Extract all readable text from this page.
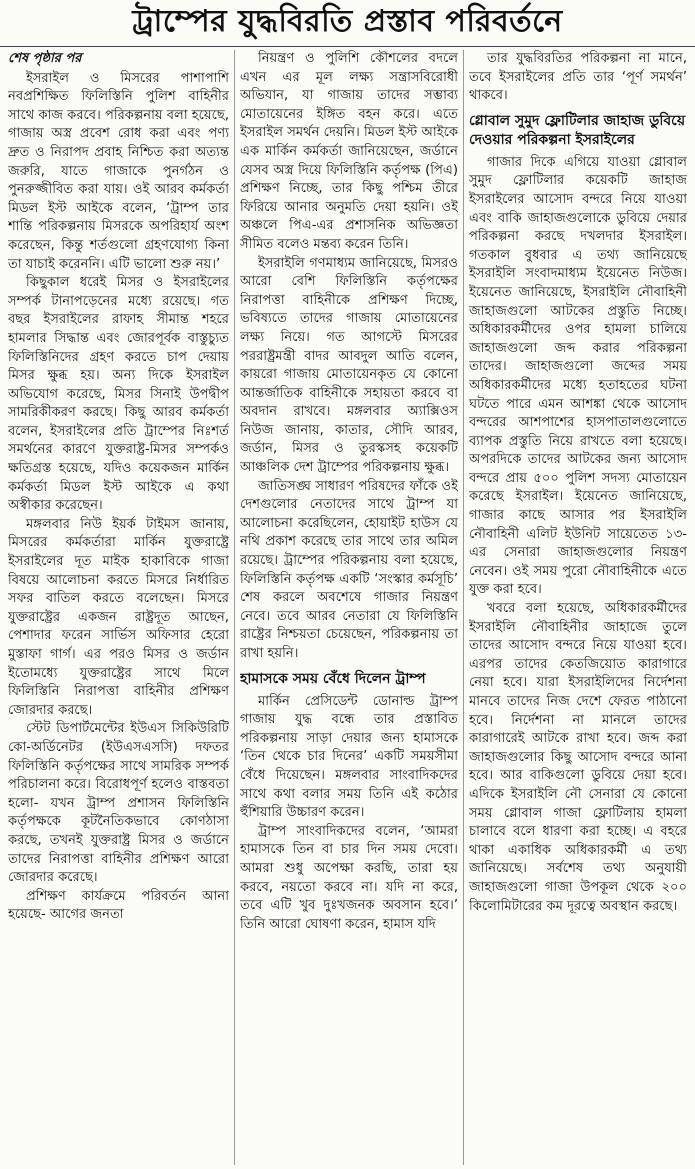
ট্রাম্পের যুদ্ধবিরতি প্রস্তাব পরিবর্তনে
শেষ পৃষ্ঠার পর

ইসরাইল ও মিসরের পাশাপাশি নবপ্রশিক্ষিত ফিলিস্তিনি পুলিশ বাহিনীর সাথে কাজ করবে। পরিকল্পনায় বলা হয়েছে, গাজায় অস্ত্র প্রবেশ রোধ করা এবং পণ্য দ্রুত ও নিরাপদ প্রবাহ নিশ্চিত করা অত্যন্ত জরুরি, যাতে গাজাকে পুনর্গঠন ও পুনরুজ্জীবিত করা যায়। ওই আরব কর্মকর্তা মিডল ইস্ট আইকে বলেন, ‘ট্রাম্প তার শান্তি পরিকল্পনায় মিসরকে অপরিহার্য অংশ করেছেন, কিন্তু শর্তগুলো গ্রহণযোগ্য কিনা তা যাচাই করেননি। এটি ভালো শুরু নয়।’

কিছুকাল ধরেই মিসর ও ইসরাইলের সম্পর্ক টানাপড়েনের মধ্যে রয়েছে। গত বছর ইসরাইলের রাফাহ সীমান্ত শহরে হামলার সিদ্ধান্ত এবং জোরপূর্বক বাস্তুচ্যুত ফিলিস্তিনিদের গ্রহণ করতে চাপ দেয়ায় মিসর ক্ষুব্ধ হয়। অন্য দিকে ইসরাইল অভিযোগ করেছে, মিসর সিনাই উপদ্বীপ সামরিকীকরণ করছে। কিছু আরব কর্মকর্তা বলেন, ইসরাইলের প্রতি ট্রাম্পের নিঃশর্ত সমর্থনের কারণে যুক্তরাষ্ট্র-মিসর সম্পর্কও ক্ষতিগ্রস্ত হয়েছে, যদিও কয়েকজন মার্কিন কর্মকর্তা মিডল ইস্ট আইকে এ কথা অস্বীকার করেছেন।

মঙ্গলবার নিউ ইয়র্ক টাইমস জানায়, মিসরের কর্মকর্তারা মার্কিন যুক্তরাষ্ট্রে ইসরাইলের দূত মাইক হাকাবিকে গাজা বিষয়ে আলোচনা করতে মিসরে নির্ধারিত সফর বাতিল করতে বলেছেন। মিসরে যুক্তরাষ্ট্রের একজন রাষ্ট্রদূত আছেন, পেশাদার ফরেন সার্ভিস অফিসার হেরো মুস্তাফা গার্গ। এর পরও মিসর ও জর্ডান ইতোমধ্যে যুক্তরাষ্ট্রের সাথে মিলে ফিলিস্তিনি নিরাপত্তা বাহিনীর প্রশিক্ষণ জোরদার করছে।

স্টেট ডিপার্টমেন্টের ইউএস সিকিউরিটি কো-অর্ডিনেটর (ইউএসএসসি) দফতর ফিলিস্তিনি কর্তৃপক্ষের সাথে সামরিক সম্পর্ক পরিচালনা করে। বিরোধপূর্ণ হলেও বাস্তবতা হলো- যখন ট্রাম্প প্রশাসন ফিলিস্তিনি কর্তৃপক্ষকে কূটনৈতিকভাবে কোণঠাসা করছে, তখনই যুক্তরাষ্ট্র মিসর ও জর্ডানে তাদের নিরাপত্তা বাহিনীর প্রশিক্ষণ আরো জোরদার করেছে।

প্রশিক্ষণ কার্যক্রমে পরিবর্তন আনা হয়েছে- আগের জনতা

নিয়ন্ত্রণ ও পুলিশি কৌশলের বদলে এখন এর মূল লক্ষ্য সন্ত্রাসবিরোধী অভিযান, যা গাজায় তাদের সম্ভাব্য মোতায়েনের ইঙ্গিত বহন করে। এতে ইসরাইল সমর্থন দেয়নি। মিডল ইস্ট আইকে এক মার্কিন কর্মকর্তা জানিয়েছেন, জর্ডানে যেসব অস্ত্র দিয়ে ফিলিস্তিনি কর্তৃপক্ষ (পিএ) প্রশিক্ষণ নিচ্ছে, তার কিছু পশ্চিম তীরে ফিরিয়ে আনার অনুমতি দেয়া হয়নি। ওই অঞ্চলে পিএ-এর প্রশাসনিক অভিজ্ঞতা সীমিত বলেও মন্তব্য করেন তিনি।

ইসরাইলি গণমাধ্যম জানিয়েছে, মিসরও আরো বেশি ফিলিস্তিনি কর্তৃপক্ষের নিরাপত্তা বাহিনীকে প্রশিক্ষণ দিচ্ছে, ভবিষ্যতে তাদের গাজায় মোতায়েনের লক্ষ্য নিয়ে। গত আগস্টে মিসরের পররাষ্ট্রমন্ত্রী বাদর আবদুল আতি বলেন, কায়রো গাজায় মোতায়েনকৃত যে কোনো আন্তর্জাতিক বাহিনীকে সহায়তা করবে বা অবদান রাখবে। মঙ্গলবার অ্যাক্সিওস নিউজ জানায়, কাতার, সৌদি আরব, জর্ডান, মিসর ও তুরস্কসহ কয়েকটি আঞ্চলিক দেশ ট্রাম্পের পরিকল্পনায় ক্ষুব্ধ।

জাতিসঙ্ঘ সাধারণ পরিষদের ফাঁকে ওই দেশগুলোর নেতাদের সাথে ট্রাম্প যা আলোচনা করেছিলেন, হোয়াইট হাউস যে নথি প্রকাশ করেছে তার সাথে তার অমিল রয়েছে। ট্রাম্পের পরিকল্পনায় বলা হয়েছে, ফিলিস্তিনি কর্তৃপক্ষ একটি ‘সংস্কার কর্মসূচি’ শেষ করলে অবশেষে গাজার নিয়ন্ত্রণ নেবে। তবে আরব নেতারা যে ফিলিস্তিনি রাষ্ট্রের নিশ্চয়তা চেয়েছেন, পরিকল্পনায় তা রাখা হয়নি।

হামাসকে সময় বেঁধে দিলেন ট্রাম্প

মার্কিন প্রেসিডেন্ট ডোনাল্ড ট্রাম্প গাজায় যুদ্ধ বন্ধে তার প্রস্তাবিত পরিকল্পনায় সাড়া দেয়ার জন্য হামাসকে ‘তিন থেকে চার দিনের’ একটি সময়সীমা বেঁধে দিয়েছেন। মঙ্গলবার সাংবাদিকদের সাথে কথা বলার সময় তিনি এই কঠোর হুঁশিয়ারি উচ্চারণ করেন।

ট্রাম্প সাংবাদিকদের বলেন, ‘আমরা হামাসকে তিন বা চার দিন সময় দেবো। আমরা শুধু অপেক্ষা করছি, তারা হয় করবে, নয়তো করবে না। যদি না করে, তবে এটি খুব দুঃখজনক অবসান হবে।’ তিনি আরো ঘোষণা করেন, হামাস যদি

তার যুদ্ধবিরতির পরিকল্পনা না মানে, তবে ইসরাইলের প্রতি তার ‘পূর্ণ সমর্থন’ থাকবে।

গ্লোবাল সুমুদ ফ্লোটিলার জাহাজ ডুবিয়ে দেওয়ার পরিকল্পনা ইসরাইলের

গাজার দিকে এগিয়ে যাওয়া গ্লোবাল সুমুদ ফ্লোটিলার কয়েকটি জাহাজ ইসরাইলের আসোদ বন্দরে নিয়ে যাওয়া এবং বাকি জাহাজগুলোকে ডুবিয়ে দেয়ার পরিকল্পনা করছে দখলদার ইসরাইল। গতকাল বুধবার এ তথ্য জানিয়েছে ইসরাইলি সংবাদমাধ্যম ইয়েনেত নিউজ। ইয়েনেত জানিয়েছে, ইসরাইলি নৌবাহিনী জাহাজগুলো আটকের প্রস্তুতি নিচ্ছে। অধিকারকর্মীদের ওপর হামলা চালিয়ে জাহাজগুলো জব্দ করার পরিকল্পনা তাদের। জাহাজগুলো জব্দের সময় অধিকারকর্মীদের মধ্যে হতাহতের ঘটনা ঘটতে পারে এমন আশঙ্কা থেকে আসোদ বন্দরের আশপাশের হাসপাতালগুলোতে ব্যাপক প্রস্তুতি নিয়ে রাখতে বলা হয়েছে। অপরদিকে তাদের আটকের জন্য আসোদ বন্দরে প্রায় ৫০০ পুলিশ সদস্য মোতায়েন করেছে ইসরাইল। ইয়েনেত জানিয়েছে, গাজার কাছে আসার পর ইসরাইলি নৌবাহিনী এলিট ইউনিট সায়েতেত ১৩-এর সেনারা জাহাজগুলোর নিয়ন্ত্রণ নেবেন। ওই সময় পুরো নৌবাহিনীকে এতে যুক্ত করা হবে।

খবরে বলা হয়েছে, অধিকারকর্মীদের ইসরাইলি নৌবাহিনীর জাহাজে তুলে তাদের আসোদ বন্দরে নিয়ে যাওয়া হবে। এরপর তাদের কেতজিয়োত কারাগারে নেয়া হবে। যারা ইসরাইলিদের নির্দেশনা মানবে তাদের নিজ দেশে ফেরত পাঠানো হবে। নির্দেশনা না মানলে তাদের কারাগারেই আটকে রাখা হবে। জব্দ করা জাহাজগুলোর কিছু আসোদ বন্দরে আনা হবে। আর বাকিগুলো ডুবিয়ে দেয়া হবে। এদিকে ইসরাইলি নৌ সেনারা যে কোনো সময় গ্লোবাল গাজা ফ্লোটিলায় হামলা চালাবে বলে ধারণা করা হচ্ছে। এ বহরে থাকা একাধিক অধিকারকর্মী এ তথ্য জানিয়েছে। সর্বশেষ তথ্য অনুযায়ী জাহাজগুলো গাজা উপকূল থেকে ২০০ কিলোমিটারের কম দূরত্বে অবস্থান করছে।
